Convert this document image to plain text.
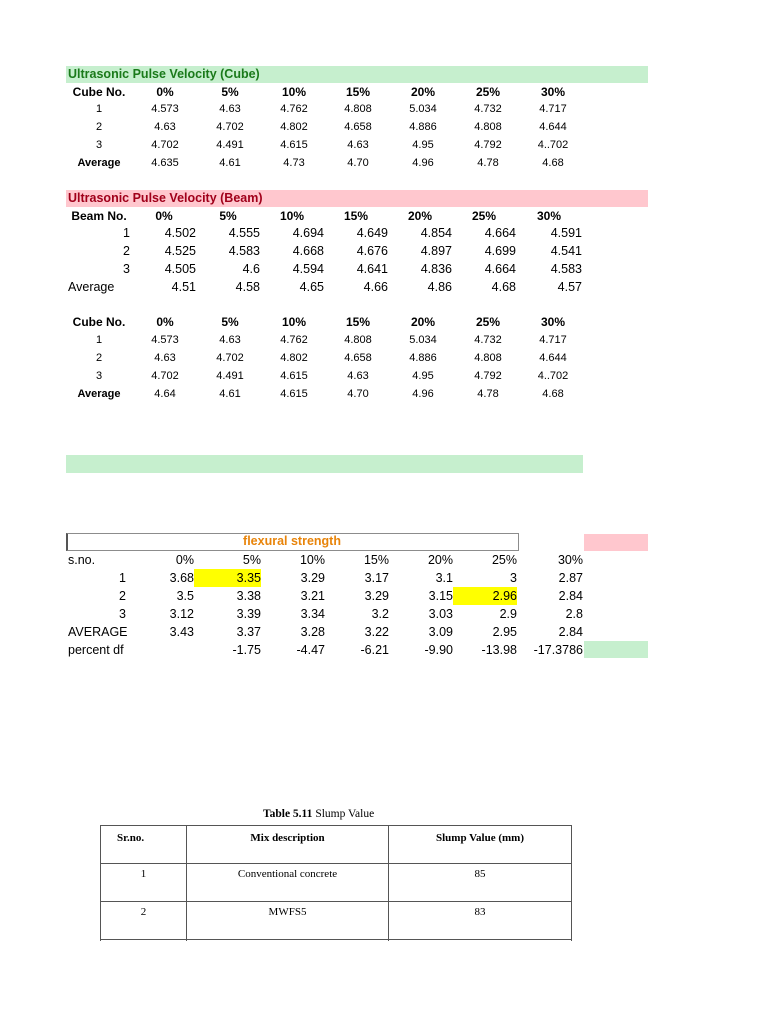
Ultrasonic Pulse Velocity (Cube)
Cube No.	0%	5%	10%	15%	20%	25%	30%
1	4.573	4.63	4.762	4.808	5.034	4.732	4.717
2	4.63	4.702	4.802	4.658	4.886	4.808	4.644
3	4.702	4.491	4.615	4.63	4.95	4.792	4..702
Average	4.635	4.61	4.73	4.70	4.96	4.78	4.68
Ultrasonic Pulse Velocity (Beam)
Beam No.	0%	5%	10%	15%	20%	25%	30%
1	4.502	4.555	4.694	4.649	4.854	4.664	4.591
2	4.525	4.583	4.668	4.676	4.897	4.699	4.541
3	4.505	4.6	4.594	4.641	4.836	4.664	4.583
Average	4.51	4.58	4.65	4.66	4.86	4.68	4.57
Cube No.	0%	5%	10%	15%	20%	25%	30%
1	4.573	4.63	4.762	4.808	5.034	4.732	4.717
2	4.63	4.702	4.802	4.658	4.886	4.808	4.644
3	4.702	4.491	4.615	4.63	4.95	4.792	4..702
Average	4.64	4.61	4.615	4.70	4.96	4.78	4.68
flexural strength
s.no.	0%	5%	10%	15%	20%	25%	30%
1	3.68	3.35	3.29	3.17	3.1	3	2.87
2	3.5	3.38	3.21	3.29	3.15	2.96	2.84
3	3.12	3.39	3.34	3.2	3.03	2.9	2.8
AVERAGE	3.43	3.37	3.28	3.22	3.09	2.95	2.84
percent df		-1.75	-4.47	-6.21	-9.90	-13.98	-17.3786
Table 5.11 Slump Value
Sr.no.	Mix description	Slump Value (mm)
1	Conventional concrete	85
2	MWFS5	83
